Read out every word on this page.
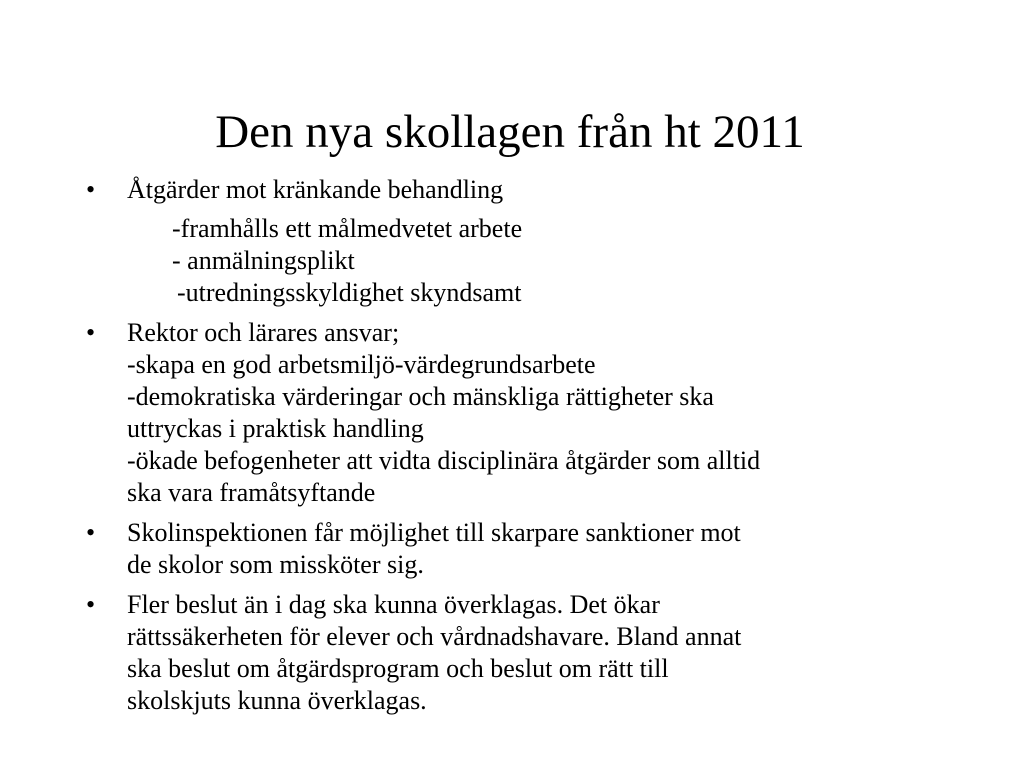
Den nya skollagen från ht 2011
•	Åtgärder mot kränkande behandling
-framhålls ett målmedvetet arbete
- anmälningsplikt
-utredningsskyldighet skyndsamt
•	Rektor och lärares ansvar;
-skapa en god arbetsmiljö-värdegrundsarbete
-demokratiska värderingar och mänskliga rättigheter ska
uttryckas i praktisk handling
-ökade befogenheter att vidta disciplinära åtgärder som alltid
ska vara framåtsyftande
•	Skolinspektionen får möjlighet till skarpare sanktioner mot
de skolor som missköter sig.
•	Fler beslut än i dag ska kunna överklagas. Det ökar
rättssäkerheten för elever och vårdnadshavare. Bland annat
ska beslut om åtgärdsprogram och beslut om rätt till
skolskjuts kunna överklagas.
